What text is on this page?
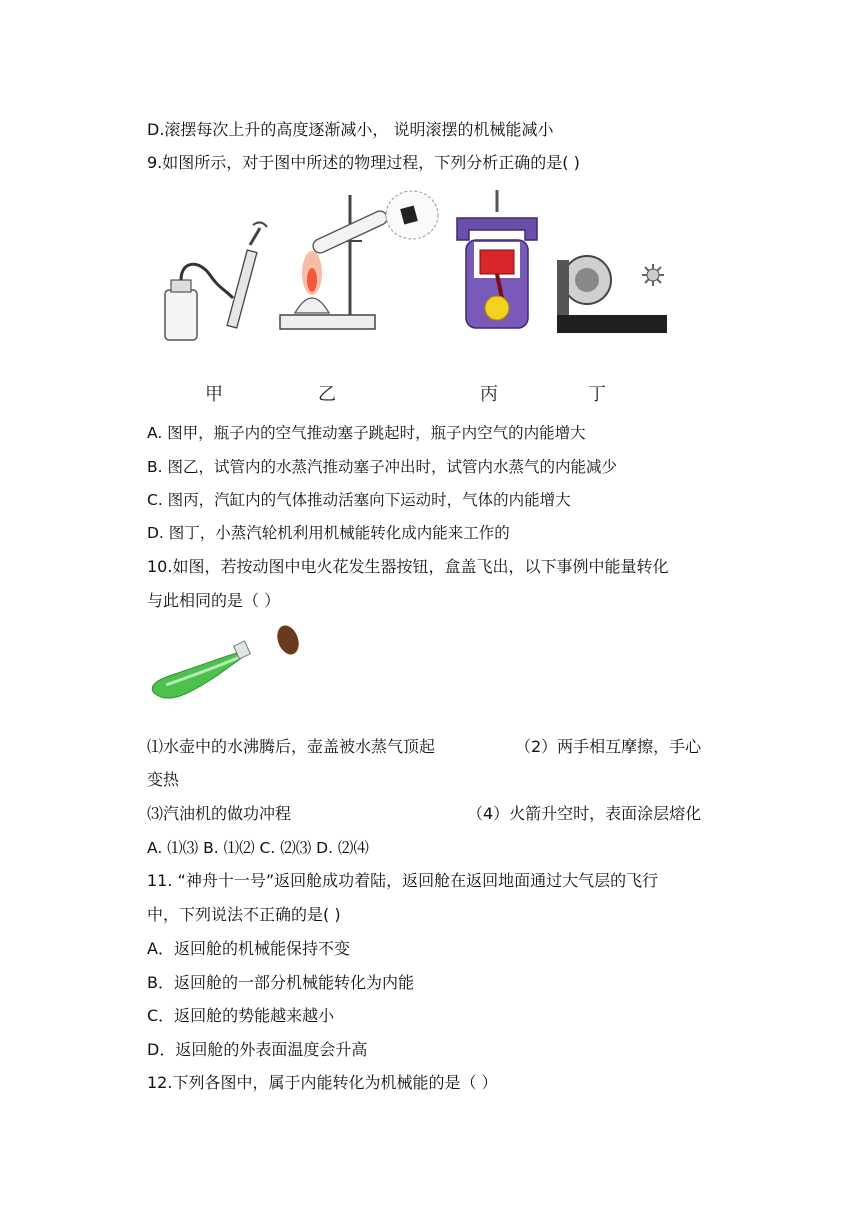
D.滚摆每次上升的高度逐渐减小， 说明滚摆的机械能减小
9.如图所示，对于图中所述的物理过程，下列分析正确的是( )
甲	乙	丙	丁
A. 图甲，瓶子内的空气推动塞子跳起时，瓶子内空气的内能增大
B. 图乙，试管内的水蒸汽推动塞子冲出时，试管内水蒸气的内能减少
C. 图丙，汽缸内的气体推动活塞向下运动时，气体的内能增大
D. 图丁，小蒸汽轮机利用机械能转化成内能来工作的
10.如图，若按动图中电火花发生器按钮，盒盖飞出，以下事例中能量转化
与此相同的是（ ）
⑴水壶中的水沸腾后，壶盖被水蒸气顶起	（2）两手相互摩擦，手心
变热
⑶汽油机的做功冲程	（4）火箭升空时，表面涂层熔化
A. ⑴⑶ B. ⑴⑵ C. ⑵⑶ D. ⑵⑷
11. “神舟十一号”返回舱成功着陆，返回舱在返回地面通过大气层的飞行
中，下列说法不正确的是( )
A．返回舱的机械能保持不变
B．返回舱的一部分机械能转化为内能
C．返回舱的势能越来越小
D．返回舱的外表面温度会升高
12.下列各图中，属于内能转化为机械能的是（ ）
